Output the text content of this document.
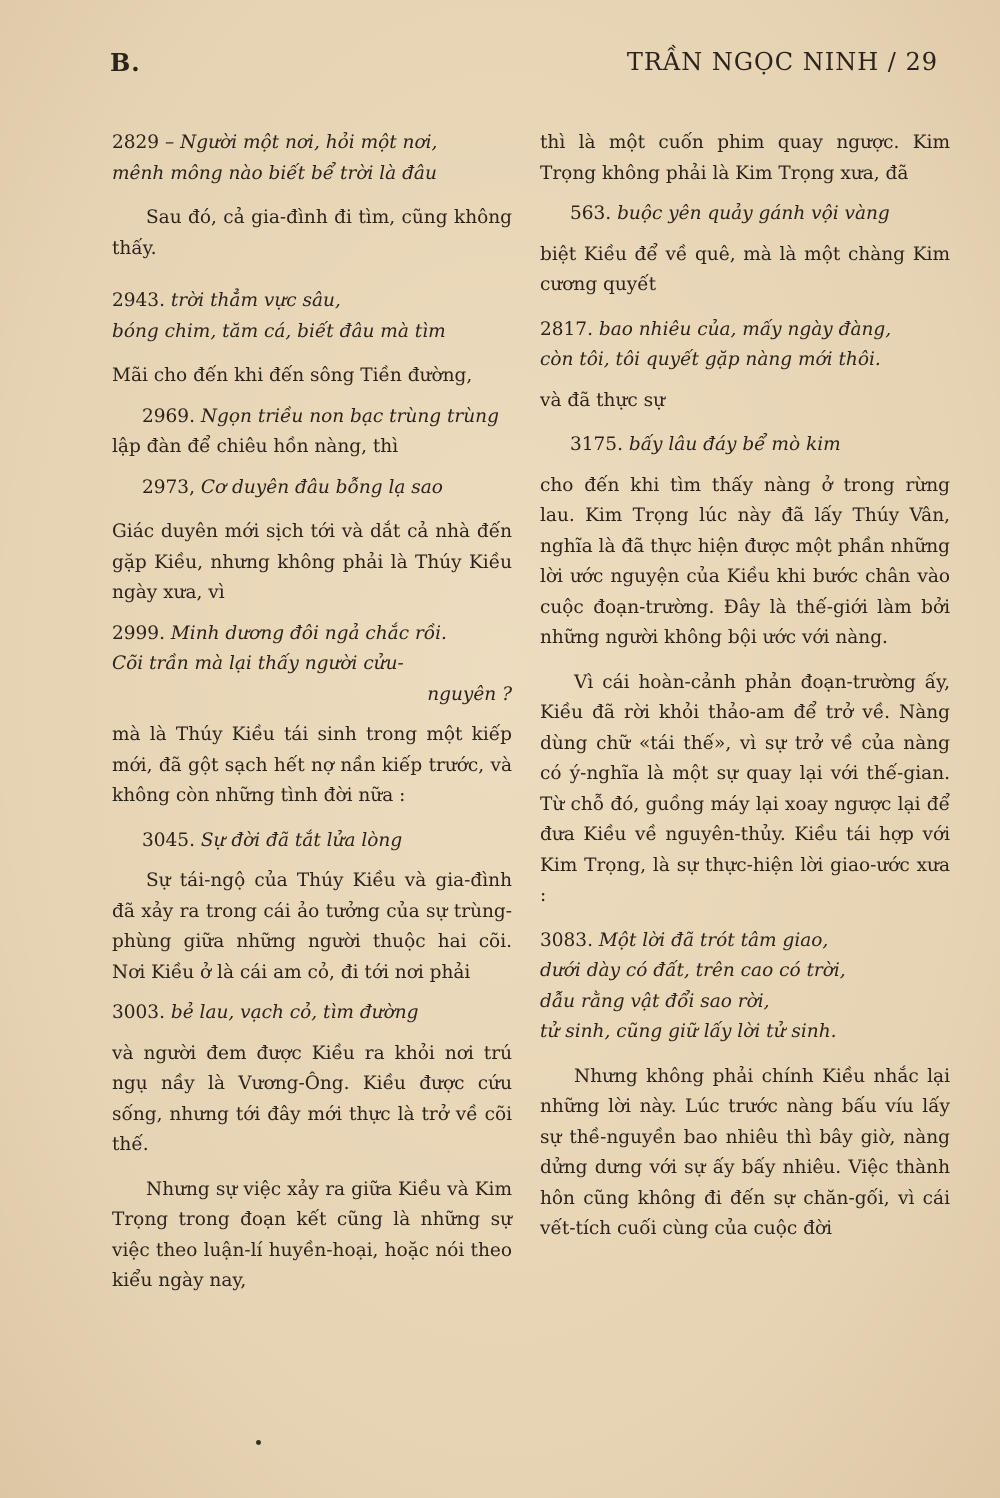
B.	TRẦN NGỌC NINH / 29
2829 – Người một nơi, hỏi một nơi,
mênh mông nào biết bể trời là đâu
Sau đó, cả gia-đình đi tìm, cũng không thấy.
2943. trời thẳm vực sâu,
bóng chim, tăm cá, biết đâu mà tìm
Mãi cho đến khi đến sông Tiền đường,
2969. Ngọn triều non bạc trùng trùng
lập đàn để chiêu hồn nàng, thì
2973, Cơ duyên đâu bỗng lạ sao
Giác duyên mới sịch tới và dắt cả nhà đến gặp Kiều, nhưng không phải là Thúy Kiều ngày xưa, vì
2999. Minh dương đôi ngả chắc rồi.
Cõi trần mà lại thấy người cửu-
nguyên ?
mà là Thúy Kiều tái sinh trong một kiếp mới, đã gột sạch hết nợ nần kiếp trước, và không còn những tình đời nữa :
3045. Sự đời đã tắt lửa lòng
Sự tái-ngộ của Thúy Kiều và gia-đình đã xảy ra trong cái ảo tưởng của sự trùng-phùng giữa những người thuộc hai cõi. Nơi Kiều ở là cái am cỏ, đi tới nơi phải
3003. bẻ lau, vạch cỏ, tìm đường
và người đem được Kiều ra khỏi nơi trú ngụ nầy là Vương-Ông. Kiều được cứu sống, nhưng tới đây mới thực là trở về cõi thế.
Nhưng sự việc xảy ra giữa Kiều và Kim Trọng trong đoạn kết cũng là những sự việc theo luận-lí huyền-hoại, hoặc nói theo kiểu ngày nay,
thì là một cuốn phim quay ngược. Kim Trọng không phải là Kim Trọng xưa, đã
563. buộc yên quảy gánh vội vàng
biệt Kiều để về quê, mà là một chàng Kim cương quyết
2817. bao nhiêu của, mấy ngày đàng,
còn tôi, tôi quyết gặp nàng mới thôi.
và đã thực sự
3175. bấy lâu đáy bể mò kim
cho đến khi tìm thấy nàng ở trong rừng lau. Kim Trọng lúc này đã lấy Thúy Vân, nghĩa là đã thực hiện được một phần những lời ước nguyện của Kiều khi bước chân vào cuộc đoạn-trường. Đây là thế-giới làm bởi những người không bội ước với nàng.
Vì cái hoàn-cảnh phản đoạn-trường ấy, Kiều đã rời khỏi thảo-am để trở về. Nàng dùng chữ «tái thế», vì sự trở về của nàng có ý-nghĩa là một sự quay lại với thế-gian. Từ chỗ đó, guồng máy lại xoay ngược lại để đưa Kiều về nguyên-thủy. Kiều tái hợp với Kim Trọng, là sự thực-hiện lời giao-ước xưa :
3083. Một lời đã trót tâm giao,
dưới dày có đất, trên cao có trời,
dẫu rằng vật đổi sao rời,
tử sinh, cũng giữ lấy lời tử sinh.
Nhưng không phải chính Kiều nhắc lại những lời này. Lúc trước nàng bấu víu lấy sự thề-nguyền bao nhiêu thì bây giờ, nàng dửng dưng với sự ấy bấy nhiêu. Việc thành hôn cũng không đi đến sự chăn-gối, vì cái vết-tích cuối cùng của cuộc đời
